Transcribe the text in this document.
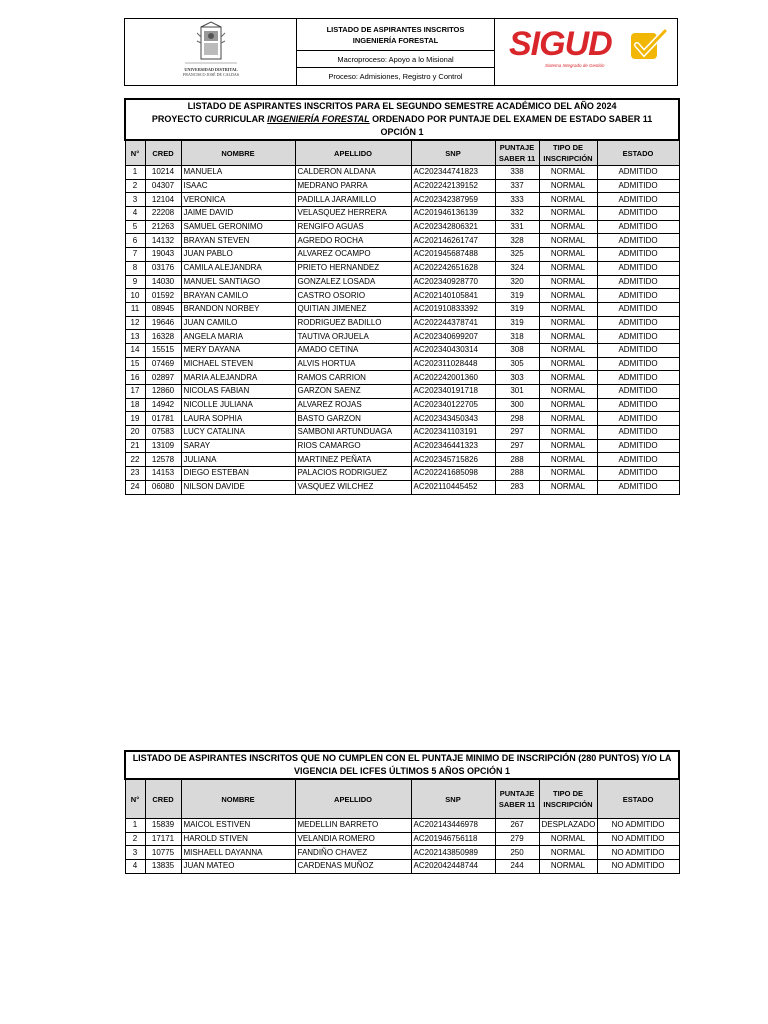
UNIVERSIDAD DISTRITAL
FRANCISCO JOSÉ DE CALDAS
LISTADO DE ASPIRANTES INSCRITOS
INGENIERÍA FORESTAL
Macroproceso: Apoyo a lo Misional
Proceso: Admisiones, Registro y Control
SIGUD
Sistema Integrado de Gestión
LISTADO DE ASPIRANTES INSCRITOS PARA EL SEGUNDO SEMESTRE ACADÉMICO DEL AÑO 2024
PROYECTO CURRICULAR INGENIERÍA FORESTAL ORDENADO POR PUNTAJE DEL EXAMEN DE ESTADO SABER 11
OPCIÓN 1							

N°	CRED	NOMBRE	APELLIDO	SNP	PUNTAJE SABER 11	TIPO DE INSCRIPCIÓN	ESTADO
1	10214	MANUELA	CALDERON ALDANA	AC202344741823	338	NORMAL	ADMITIDO
2	04307	ISAAC	MEDRANO PARRA	AC202242139152	337	NORMAL	ADMITIDO
3	12104	VERONICA	PADILLA JARAMILLO	AC202342387959	333	NORMAL	ADMITIDO
4	22208	JAIME DAVID	VELASQUEZ HERRERA	AC201946136139	332	NORMAL	ADMITIDO
5	21263	SAMUEL GERONIMO	RENGIFO AGUAS	AC202342806321	331	NORMAL	ADMITIDO
6	14132	BRAYAN STEVEN	AGREDO ROCHA	AC202146261747	328	NORMAL	ADMITIDO
7	19043	JUAN PABLO	ALVAREZ OCAMPO	AC201945687488	325	NORMAL	ADMITIDO
8	03176	CAMILA ALEJANDRA	PRIETO HERNANDEZ	AC202242651628	324	NORMAL	ADMITIDO
9	14030	MANUEL SANTIAGO	GONZALEZ LOSADA	AC202340928770	320	NORMAL	ADMITIDO
10	01592	BRAYAN CAMILO	CASTRO OSORIO	AC202140105841	319	NORMAL	ADMITIDO
11	08945	BRANDON NORBEY	QUITIAN JIMENEZ	AC201910833392	319	NORMAL	ADMITIDO
12	19646	JUAN CAMILO	RODRIGUEZ BADILLO	AC202244378741	319	NORMAL	ADMITIDO
13	16328	ANGELA MARIA	TAUTIVA ORJUELA	AC202340699207	318	NORMAL	ADMITIDO
14	15515	MERY DAYANA	AMADO CETINA	AC202340430314	308	NORMAL	ADMITIDO
15	07469	MICHAEL STEVEN	ALVIS HORTUA	AC202311028448	305	NORMAL	ADMITIDO
16	02897	MARIA ALEJANDRA	RAMOS CARRION	AC202242001360	303	NORMAL	ADMITIDO
17	12860	NICOLAS FABIAN	GARZON SAENZ	AC202340191718	301	NORMAL	ADMITIDO
18	14942	NICOLLE JULIANA	ALVAREZ ROJAS	AC202340122705	300	NORMAL	ADMITIDO
19	01781	LAURA SOPHIA	BASTO GARZON	AC202343450343	298	NORMAL	ADMITIDO
20	07583	LUCY CATALINA	SAMBONI ARTUNDUAGA	AC202341103191	297	NORMAL	ADMITIDO
21	13109	SARAY	RIOS CAMARGO	AC202346441323	297	NORMAL	ADMITIDO
22	12578	JULIANA	MARTINEZ PEÑATA	AC202345715826	288	NORMAL	ADMITIDO
23	14153	DIEGO ESTEBAN	PALACIOS RODRIGUEZ	AC202241685098	288	NORMAL	ADMITIDO
24	06080	NILSON DAVIDE	VASQUEZ WILCHEZ	AC202110445452	283	NORMAL	ADMITIDO
LISTADO DE ASPIRANTES INSCRITOS QUE NO CUMPLEN CON EL PUNTAJE MINIMO DE INSCRIPCIÓN (280 PUNTOS) Y/O LA
VIGENCIA DEL ICFES ÚLTIMOS 5 AÑOS OPCIÓN 1							

N°	CRED	NOMBRE	APELLIDO	SNP	PUNTAJE SABER 11	TIPO DE INSCRIPCIÓN	ESTADO
1	15839	MAICOL ESTIVEN	MEDELLIN BARRETO	AC202143446978	267	DESPLAZADO	NO ADMITIDO
2	17171	HAROLD STIVEN	VELANDIA ROMERO	AC201946756118	279	NORMAL	NO ADMITIDO
3	10775	MISHAELL DAYANNA	FANDIÑO CHAVEZ	AC202143850989	250	NORMAL	NO ADMITIDO
4	13835	JUAN MATEO	CARDENAS MUÑOZ	AC202042448744	244	NORMAL	NO ADMITIDO
